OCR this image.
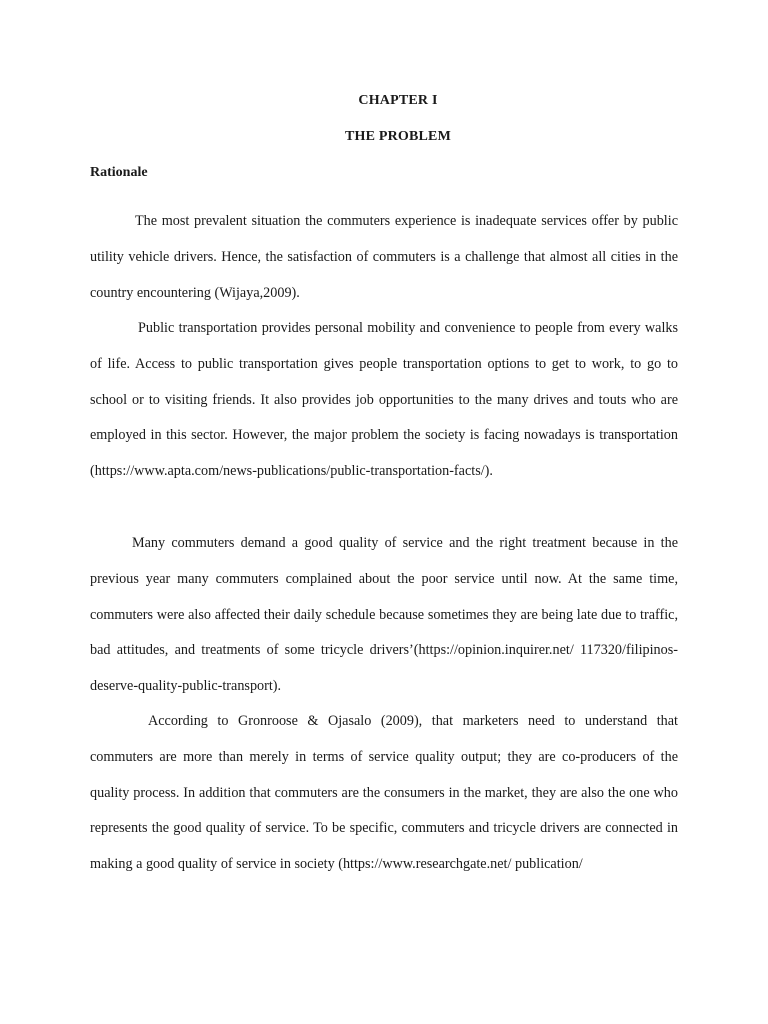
CHAPTER I
THE PROBLEM
Rationale

The most prevalent situation the commuters experience is inadequate services offer by public utility vehicle drivers. Hence, the satisfaction of commuters is a challenge that almost all cities in the country encountering (Wijaya,2009).

Public transportation provides personal mobility and convenience to people from every walks of life. Access to public transportation gives people transportation options to get to work, to go to school or to visiting friends. It also provides job opportunities to the many drives and touts who are employed in this sector. However, the major problem the society is facing nowadays is transportation (https://www.apta.com/news-publications/public-transportation-facts/).

Many commuters demand a good quality of service and the right treatment because in the previous year many commuters complained about the poor service until now. At the same time, commuters were also affected their daily schedule because sometimes they are being late due to traffic, bad attitudes, and treatments of some tricycle drivers’(https://opinion.inquirer.net/ 117320/filipinos-deserve-quality-public-transport).

According to Gronroose & Ojasalo (2009), that marketers need to understand that commuters are more than merely in terms of service quality output; they are co-producers of the quality process. In addition that commuters are the consumers in the market, they are also the one who represents the good quality of service. To be specific, commuters and tricycle drivers are connected in making a good quality of service in society (https://www.researchgate.net/ publication/
